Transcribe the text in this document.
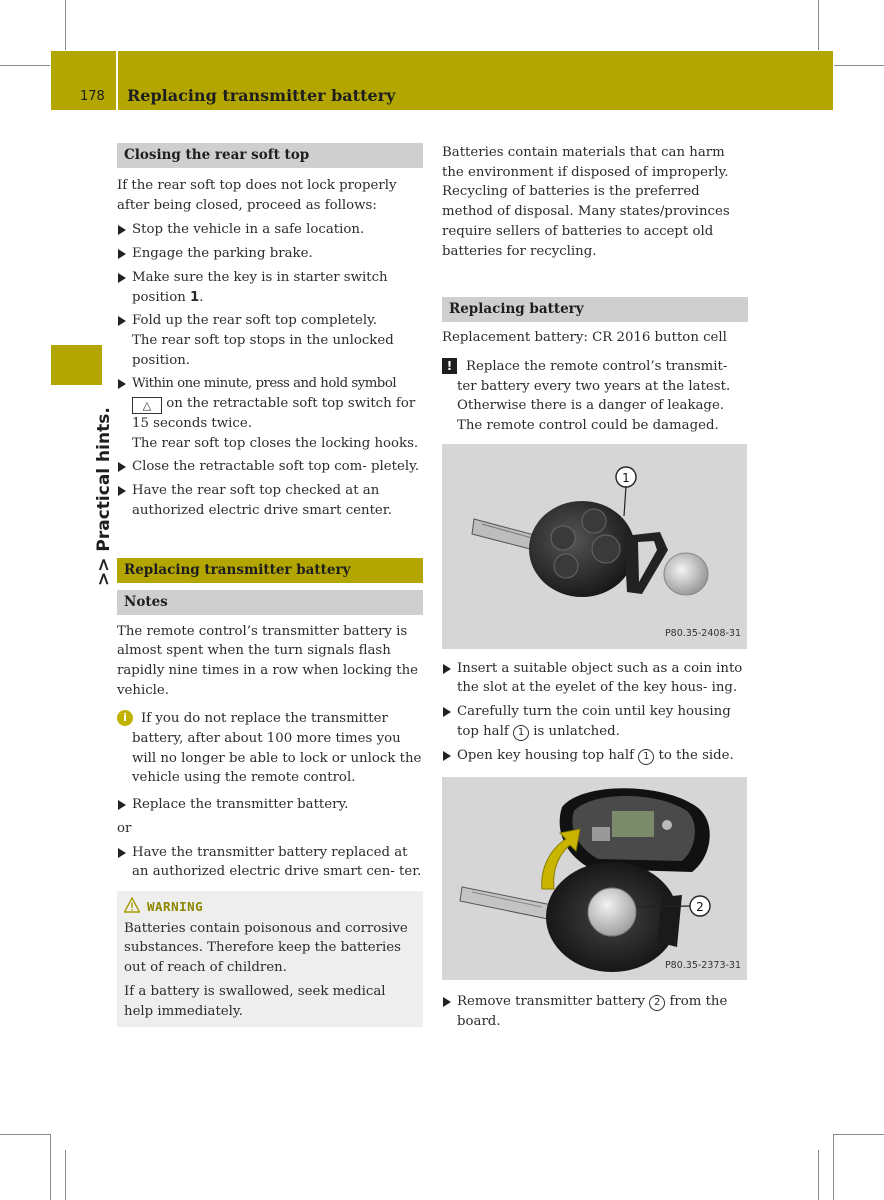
178 Replacing transmitter battery
>> Practical hints.
Closing the rear soft top

If the rear soft top does not lock properly after being closed, proceed as follows:

Stop the vehicle in a safe location.
Engage the parking brake.
Make sure the key is in starter switch position 1.
Fold up the rear soft top completely.
The rear soft top stops in the unlocked position.
Within one minute, press and hold symbol
△ on the retractable soft top switch for 15 seconds twice.
The rear soft top closes the locking hooks.
Close the retractable soft top com- pletely.
Have the rear soft top checked at an authorized electric drive smart center.
Replacing transmitter battery
Notes

The remote control’s transmitter battery is almost spent when the turn signals flash rapidly nine times in a row when locking the vehicle.

i	If you do not replace the transmitter battery, after about 100 more times you will no longer be able to lock or unlock the vehicle using the remote control.
Replace the transmitter battery.

or

Have the transmitter battery replaced at an authorized electric drive smart cen- ter.
WARNING

Batteries contain poisonous and corrosive substances. Therefore keep the batteries out of reach of children.

If a battery is swallowed, seek medical help immediately.

Batteries contain materials that can harm the environment if disposed of improperly. Recycling of batteries is the preferred method of disposal. Many states/provinces require sellers of batteries to accept old batteries for recycling.

Replacing battery

Replacement battery: CR 2016 button cell

!	Replace the remote control’s transmit- ter battery every two years at the latest. Otherwise there is a danger of leakage. The remote control could be damaged.
1
P80.35-2408-31
Insert a suitable object such as a coin into the slot at the eyelet of the key hous- ing.
Carefully turn the coin until key housing top half 1 is unlatched.
Open key housing top half 1 to the side.
2
P80.35-2373-31
Remove transmitter battery 2 from the board.
